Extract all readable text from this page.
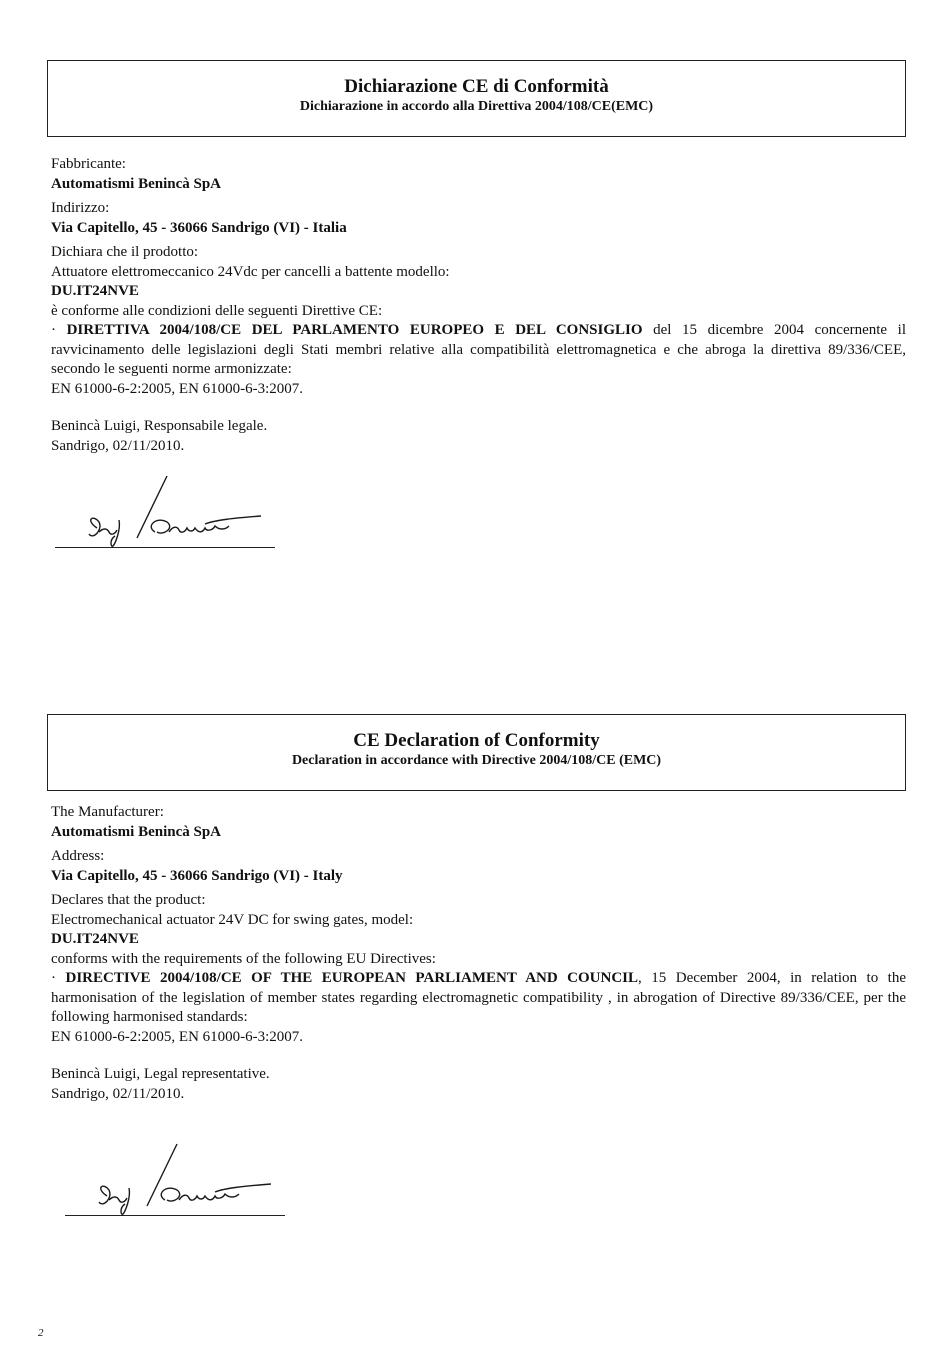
Dichiarazione CE di Conformità
Dichiarazione in accordo alla Direttiva 2004/108/CE(EMC)
Fabbricante:
Automatismi Benincà SpA
Indirizzo:
Via Capitello, 45 - 36066 Sandrigo (VI) - Italia
Dichiara che il prodotto:
Attuatore elettromeccanico 24Vdc per cancelli a battente modello:
DU.IT24NVE
è conforme alle condizioni delle seguenti Direttive CE:

· DIRETTIVA 2004/108/CE DEL PARLAMENTO EUROPEO E DEL CONSIGLIO del 15 dicembre 2004 concernente il ravvicinamento delle legislazioni degli Stati membri relative alla compatibilità elettromagnetica e che abroga la direttiva 89/336/CEE, secondo le seguenti norme armonizzate:

EN 61000-6-2:2005, EN 61000-6-3:2007.
Benincà Luigi, Responsabile legale.
Sandrigo, 02/11/2010.
CE Declaration of Conformity
Declaration in accordance with Directive 2004/108/CE (EMC)
The Manufacturer:
Automatismi Benincà SpA
Address:
Via Capitello, 45 - 36066 Sandrigo (VI) - Italy
Declares that the product:
Electromechanical actuator 24V DC for swing gates, model:
DU.IT24NVE
conforms with the requirements of the following EU Directives:

· DIRECTIVE 2004/108/CE OF THE EUROPEAN PARLIAMENT AND COUNCIL, 15 December 2004, in relation to the harmonisation of the legislation of member states regarding electromagnetic compatibility , in abrogation of Directive 89/336/CEE, per the following harmonised standards:

EN 61000-6-2:2005, EN 61000-6-3:2007.
Benincà Luigi, Legal representative.
Sandrigo, 02/11/2010.
2
